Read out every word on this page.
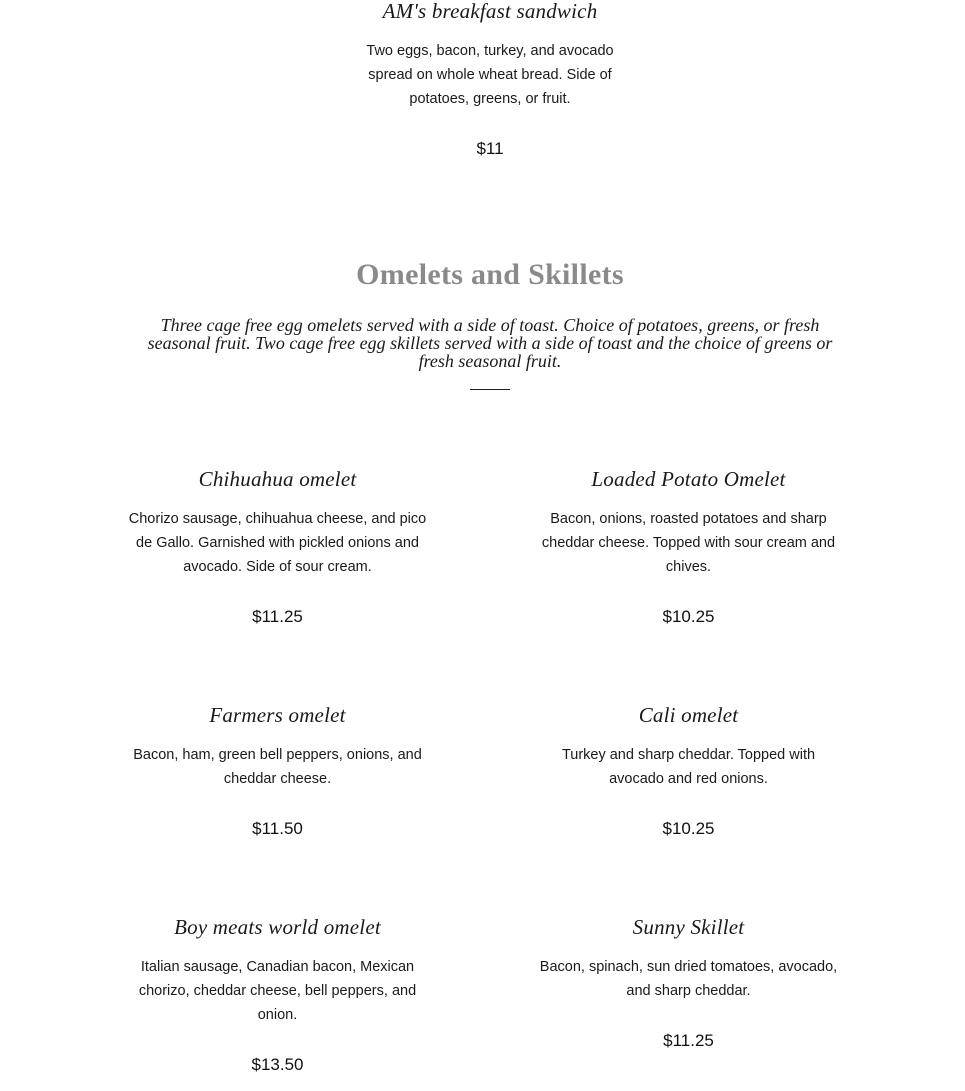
AM's breakfast sandwich

Two eggs, bacon, turkey, and avocado spread on whole wheat bread. Side of potatoes, greens, or fruit.

$11

Omelets and Skillets

Three cage free egg omelets served with a side of toast. Choice of potatoes, greens, or fresh seasonal fruit. Two cage free egg skillets served with a side of toast and the choice of greens or fresh seasonal fruit.

Chihuahua omelet

Chorizo sausage, chihuahua cheese, and pico de Gallo. Garnished with pickled onions and avocado. Side of sour cream.

$11.25

Loaded Potato Omelet

Bacon, onions, roasted potatoes and sharp cheddar cheese. Topped with sour cream and chives.

$10.25

Farmers omelet

Bacon, ham, green bell peppers, onions, and cheddar cheese.

$11.50

Cali omelet

Turkey and sharp cheddar. Topped with avocado and red onions.

$10.25

Boy meats world omelet

Italian sausage, Canadian bacon, Mexican chorizo, cheddar cheese, bell peppers, and onion.

$13.50

Sunny Skillet

Bacon, spinach, sun dried tomatoes, avocado, and sharp cheddar.

$11.25
